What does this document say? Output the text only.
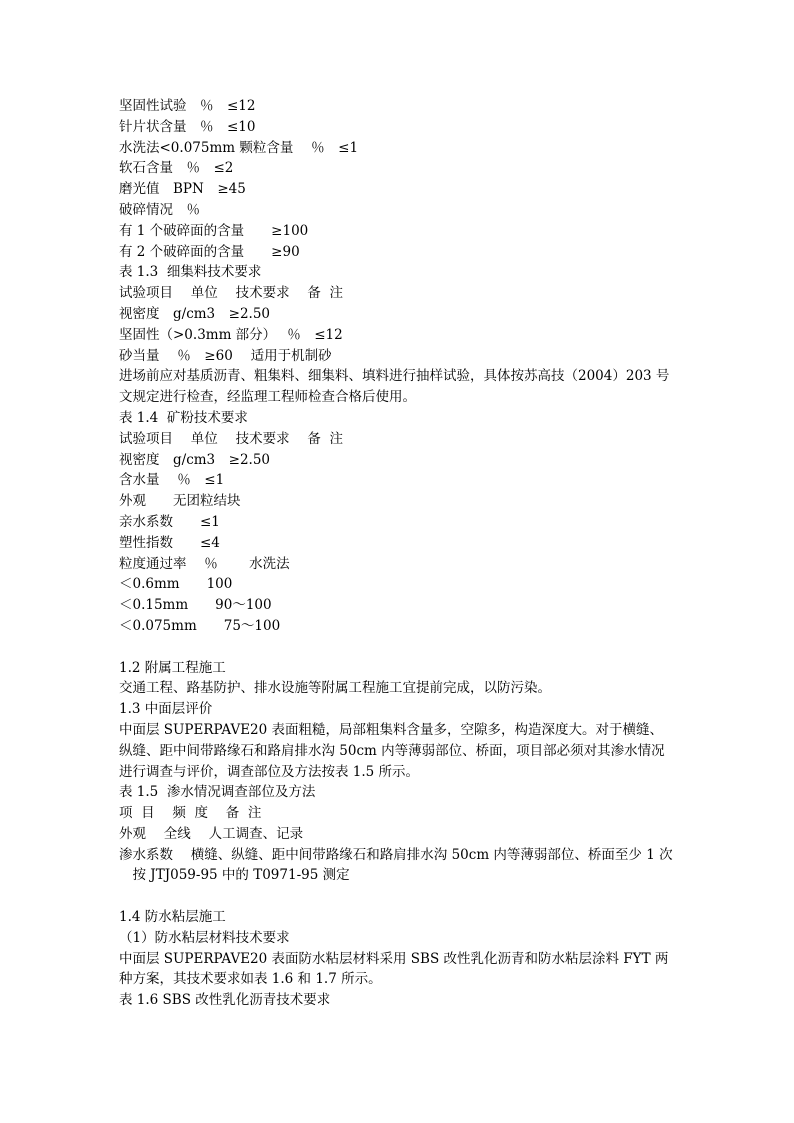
坚固性试验　％　≤12
针片状含量　％　≤10
水洗法<0.075mm 颗粒含量　 ％　≤1
软石含量　％　≤2
磨光值　BPN　≥45
破碎情况　％
有 1 个破碎面的含量　　≥100
有 2 个破碎面的含量　　≥90
表 1.3  细集料技术要求
试验项目　 单位　 技术要求　 备  注
视密度　g/cm3　≥2.50
坚固性（>0.3mm 部分）　 ％　≤12
砂当量　 ％　≥60　 适用于机制砂
进场前应对基质沥青、粗集料、细集料、填料进行抽样试验，具体按苏高技（2004）203 号
文规定进行检查，经监理工程师检查合格后使用。
表 1.4  矿粉技术要求
试验项目　 单位　 技术要求　 备  注
视密度　g/cm3　≥2.50
含水量　 ％　≤1
外观　　无团粒结块
亲水系数　　≤1
塑性指数　　≤4
粒度通过率　 ％　　 水洗法
＜0.6mm　　100
＜0.15mm　　90～100
＜0.075mm　　75～100
1.2 附属工程施工
交通工程、路基防护、排水设施等附属工程施工宜提前完成，以防污染。
1.3 中面层评价
中面层 SUPERPAVE20 表面粗糙，局部粗集料含量多，空隙多，构造深度大。对于横缝、
纵缝、距中间带路缘石和路肩排水沟 50cm 内等薄弱部位、桥面，项目部必须对其渗水情况
进行调查与评价，调查部位及方法按表 1.5 所示。
表 1.5  渗水情况调查部位及方法
项  目　 频  度　 备  注
外观　 全线　 人工调查、记录
渗水系数　 横缝、纵缝、距中间带路缘石和路肩排水沟 50cm 内等薄弱部位、桥面至少 1 次
　按 JTJ059-95 中的 T0971-95 测定
1.4 防水粘层施工
（1）防水粘层材料技术要求
中面层 SUPERPAVE20 表面防水粘层材料采用 SBS 改性乳化沥青和防水粘层涂料 FYT 两
种方案，其技术要求如表 1.6 和 1.7 所示。
表 1.6 SBS 改性乳化沥青技术要求
